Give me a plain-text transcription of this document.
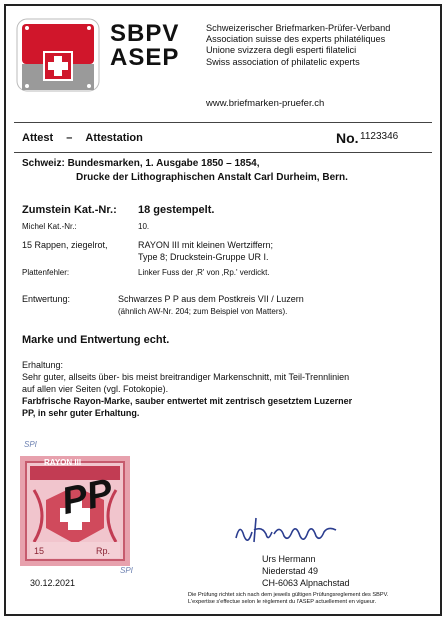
SBPV
ASEP
Schweizerischer Briefmarken-Prüfer-Verband
Association suisse des experts philatéliques
Unione svizzera degli esperti filatelici
Swiss association of philatelic experts
www.briefmarken-pruefer.ch
Attest – Attestation	No. 1123346
Schweiz: Bundesmarken, 1. Ausgabe 1850 – 1854,
Drucke der Lithographischen Anstalt Carl Durheim, Bern.
Zumstein Kat.-Nr.: 18 gestempelt.
Michel Kat.-Nr.:	10.
15 Rappen, ziegelrot,	RAYON III mit kleinen Wertziffern;
Type 8; Druckstein-Gruppe UR I.
Plattenfehler:	Linker Fuss der ‚R' von ‚Rp.' verdickt.
Entwertung:	Schwarzes P P aus dem Postkreis VII / Luzern
(ähnlich AW-Nr. 204; zum Beispiel von Matters).
Marke und Entwertung echt.
Erhaltung:
Sehr guter, allseits über- bis meist breitrandiger Markenschnitt, mit Teil-Trennlinien
auf allen vier Seiten (vgl. Fotokopie).
Farbfrische Rayon-Marke, sauber entwertet mit zentrisch gesetztem Luzerner
PP, in sehr guter Erhaltung.
SPI
RAYON III
PP
15	Rp.
SPI
Urs Hermann
Niederstad 49
CH-6063 Alpnachstad
30.12.2021
Die Prüfung richtet sich nach dem jeweils gültigen Prüfungsreglement des SBPV.
L'expertise s'effectue selon le règlement du l'ASEP actuellement en vigueur.
